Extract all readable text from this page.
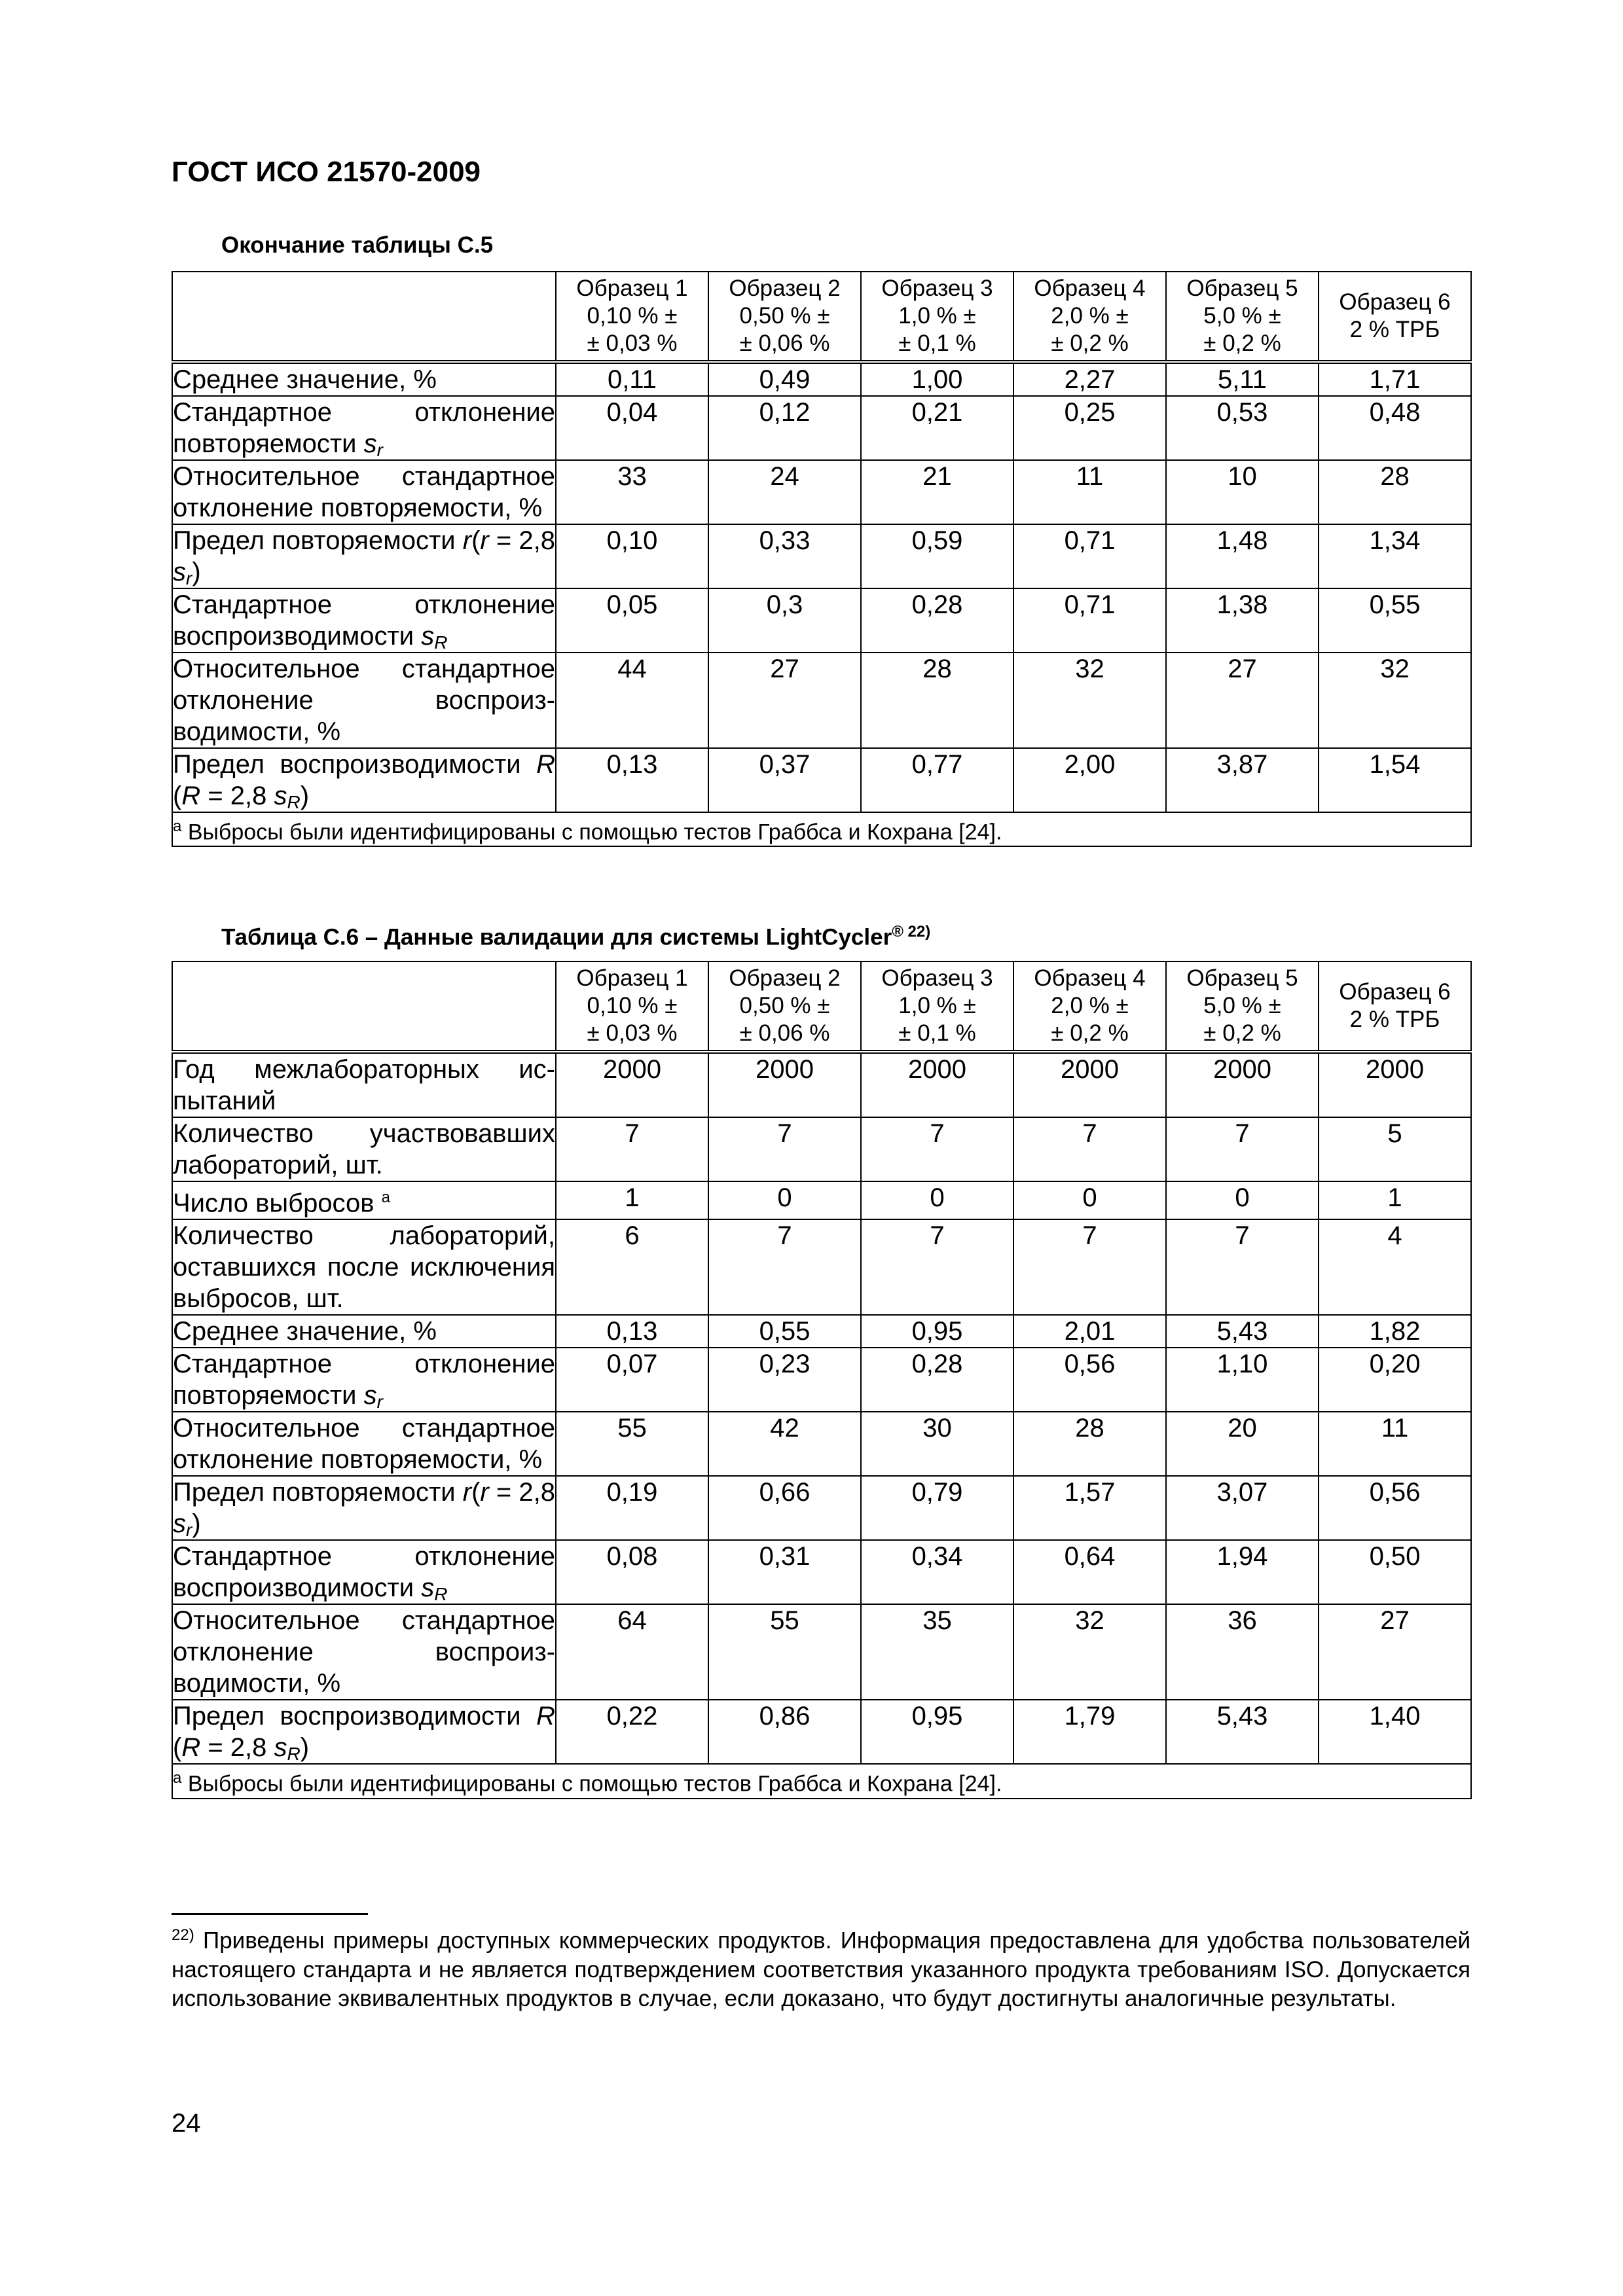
ГОСТ ИСО 21570-2009
Окончание таблицы С.5

	Образец 1
0,10 % ±
± 0,03 %	Образец 2
0,50 % ±
± 0,06 %	Образец 3
1,0 % ±
± 0,1 %	Образец 4
2,0 % ±
± 0,2 %	Образец 5
5,0 % ±
± 0,2 %	Образец 6
2 % ТРБ

Среднее значение, %	0,11	0,49	1,00	2,27	5,11	1,71
Стандартное отклонение повторяемости $s_r$	0,04	0,12	0,21	0,25	0,53	0,48
Относительное стандартное отклонение повторяемости, %	33	24	21	11	10	28
Предел повторяемости r(r = 2,8 $s_r$)	0,10	0,33	0,59	0,71	1,48	1,34
Стандартное отклонение воспроизводимости $s_R$	0,05	0,3	0,28	0,71	1,38	0,55
Относительное стандартное отклонение воспроизводимости, %	44	27	28	32	27	32
Предел воспроизводимости R (R = 2,8 $s_R$)	0,13	0,37	0,77	2,00	3,87	1,54
$^a$ Выбросы были идентифицированы с помощью тестов Граббса и Кохрана [24].						
Таблица С.6 – Данные валидации для системы LightCycler$^{® 22)}$

	Образец 1
0,10 % ±
± 0,03 %	Образец 2
0,50 % ±
± 0,06 %	Образец 3
1,0 % ±
± 0,1 %	Образец 4
2,0 % ±
± 0,2 %	Образец 5
5,0 % ±
± 0,2 %	Образец 6
2 % ТРБ

Год межлабораторных испытаний	2000	2000	2000	2000	2000	2000
Количество участвовавших лабораторий, шт.	7	7	7	7	7	5
Число выбросов $^a$	1	0	0	0	0	1
Количество лабораторий, оставшихся после исключения выбросов, шт.	6	7	7	7	7	4
Среднее значение, %	0,13	0,55	0,95	2,01	5,43	1,82
Стандартное отклонение повторяемости $s_r$	0,07	0,23	0,28	0,56	1,10	0,20
Относительное стандартное отклонение повторяемости, %	55	42	30	28	20	11
Предел повторяемости r(r = 2,8 $s_r$)	0,19	0,66	0,79	1,57	3,07	0,56
Стандартное отклонение воспроизводимости $s_R$	0,08	0,31	0,34	0,64	1,94	0,50
Относительное стандартное отклонение воспроизводимости, %	64	55	35	32	36	27
Предел воспроизводимости R (R = 2,8 $s_R$)	0,22	0,86	0,95	1,79	5,43	1,40
$^a$ Выбросы были идентифицированы с помощью тестов Граббса и Кохрана [24].						
$^{22)}$ Приведены примеры доступных коммерческих продуктов. Информация предоставлена для удобства пользователей настоящего стандарта и не является подтверждением соответствия указанного продукта требованиям ISO. Допускается использование эквивалентных продуктов в случае, если доказано, что будут достигнуты аналогичные результаты.
24
